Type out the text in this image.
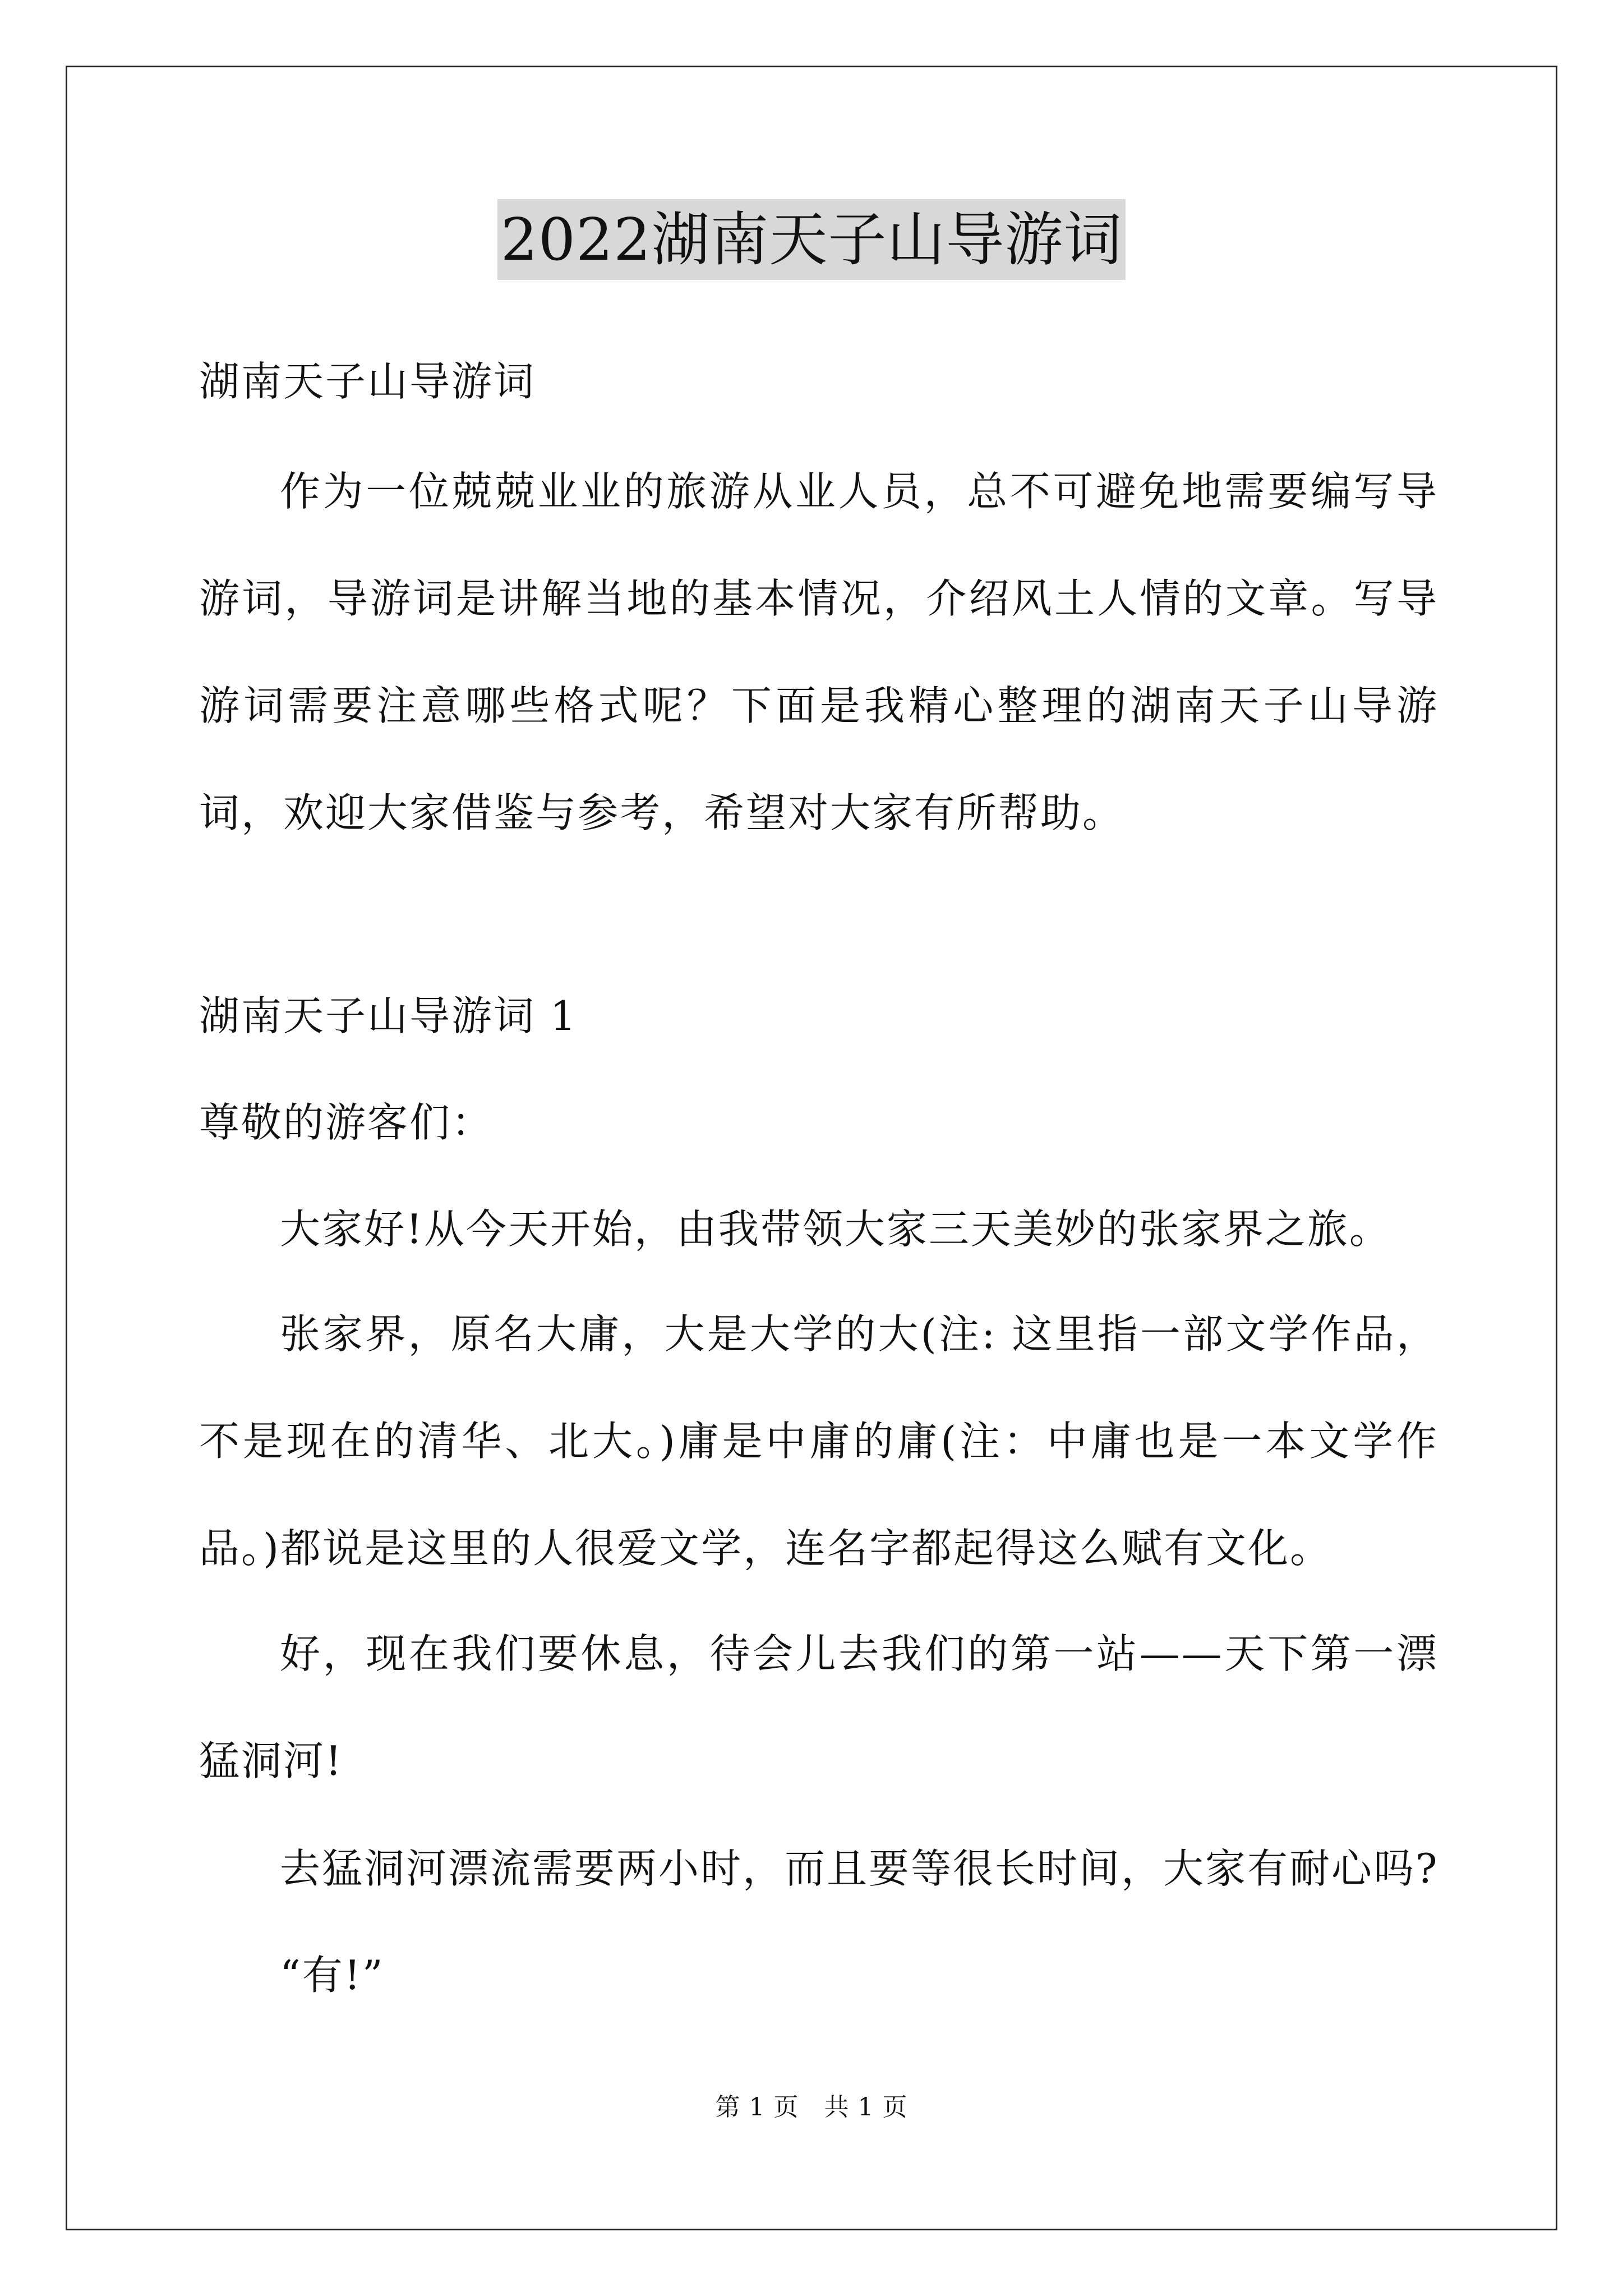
2022湖南天子山导游词
湖南天子山导游词

作为一位兢兢业业的旅游从业人员，总不可避免地需要编写导游词，导游词是讲解当地的基本情况，介绍风土人情的文章。写导游词需要注意哪些格式呢？下面是我精心整理的湖南天子山导游词，欢迎大家借鉴与参考，希望对大家有所帮助。

湖南天子山导游词 1
尊敬的游客们：
大家好!从今天开始，由我带领大家三天美妙的张家界之旅。

张家界，原名大庸，大是大学的大(注: 这里指一部文学作品，不是现在的清华、北大。)庸是中庸的庸(注：中庸也是一本文学作品。)都说是这里的人很爱文学，连名字都起得这么赋有文化。

好，现在我们要休息，待会儿去我们的第一站——天下第一漂猛洞河!

去猛洞河漂流需要两小时，而且要等很长时间，大家有耐心吗?
“有!”
第 1 页　共 1 页
